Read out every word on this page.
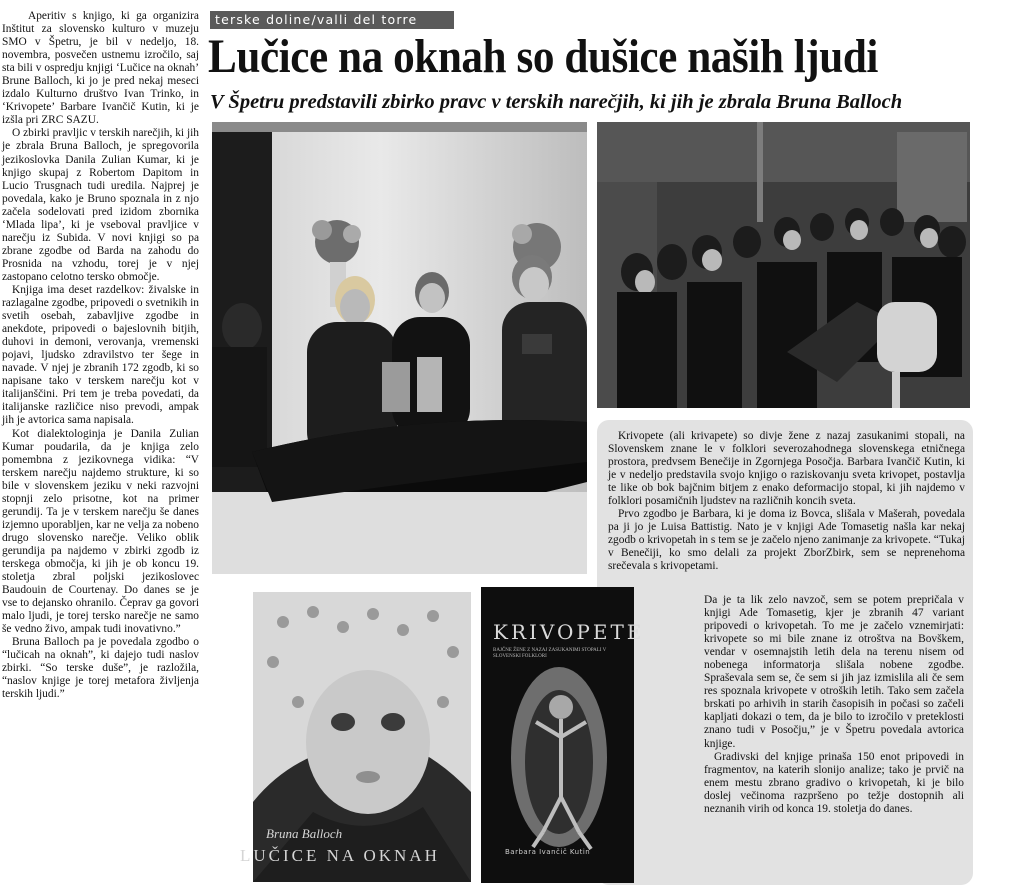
Aperitiv s knjigo, ki ga organizira Inštitut za slovensko kulturo v muzeju SMO v Špetru, je bil v nedeljo, 18. novembra, posvečen ustnemu izročilo, saj sta bili v ospredju knjigi ‘Lučice na oknah’ Brune Balloch, ki jo je pred nekaj meseci izdalo Kulturno društvo Ivan Trinko, in ‘Krivopete’ Barbare Ivančič Kutin, ki je izšla pri ZRC SAZU.

O zbirki pravljic v terskih narečjih, ki jih je zbrala Bruna Balloch, je spregovorila jezikoslovka Danila Zulian Kumar, ki je knjigo skupaj z Robertom Dapitom in Luciо Trusgnach tudi uredila. Najprej je povedala, kako je Bruno spoznala in z njo začela sodelovati pred izidom zbornika ‘Mlada lipa’, ki je vseboval pravljice v narečju iz Subida. V novi knjigi so pa zbrane zgodbe od Barda na zahodu do Prosnida na vzhodu, torej je v njej zastopano celotno tersko območje.

Knjiga ima deset razdelkov: živalske in razlagalne zgodbe, pripovedi o svetnikih in svetih osebah, zabavljive zgodbe in anekdote, pripovedi o bajeslovnih bitjih, duhovi in demoni, verovanja, vremenski pojavi, ljudsko zdravilstvo ter šege in navade. V njej je zbranih 172 zgodb, ki so napisane tako v terskem narečju kot v italijanščini. Pri tem je treba povedati, da italijanske različice niso prevodi, ampak jih je avtorica sama napisala.

Kot dialektologinja je Danila Zulian Kumar poudarila, da je knjiga zelo pomembna z jezikovnega vidika: “V terskem narečju najdemo strukture, ki so bile v slovenskem jeziku v neki razvojni stopnji zelo prisotne, kot na primer gerundij. Ta je v terskem narečju še danes izjemno uporabljen, kar ne velja za nobeno drugo slovensko narečje. Veliko oblik gerundija pa najdemo v zbirki zgodb iz terskega območja, ki jih je ob koncu 19. stoletja zbral poljski jezikoslovec Baudouin de Courtenay. Do danes se je vse to dejansko ohranilo. Čeprav ga govori malo ljudi, je torej tersko narečje ne samo še vedno živo, ampak tudi inovativno.”

Bruna Balloch pa je povedala zgodbo o “lučicah na oknah”, ki daјеjo tudi naslov zbirki. “So terske duše”, je razložila, “naslov knjige je torej metafora življenja terskih ljudi.”

terske doline/valli del torre
Lučice na oknah so dušice naših ljudi
V Špetru predstavili zbirko pravc v terskih narečjih, ki jih je zbrala Bruna Balloch

Krivopete (ali krivapete) so divje žene z nazaj zasukanimi stopali, na Slovenskem znane le v folklori severozahodnega slovenskega etničnega prostora, predvsem Benečije in Zgornjega Posočja. Barbara Ivančič Kutin, ki je v nedeljo predstavila svojo knjigo o raziskovanju sveta krivopet, postavlja te like ob bok bajčnim bitjem z enako deformacijo stopal, ki jih najdemo v folklori posamičnih ljudstev na različnih koncih sveta.

Prvo zgodbo je Barbara, ki je doma iz Bovca, slišala v Mašerah, povedala pa ji jo je Luisa Battistig. Nato je v knjigi Ade Tomasetig našla kar nekaj zgodb o krivopetah in s tem se je začelo njeno zanimanje za krivopete. “Tukaj v Benečiji, ko smo delali za projekt ZborZbirk, sem se neprenehoma srečevala s krivopetami.

Da je ta lik zelo navzoč, sem se potem prepričala v knjigi Ade Tomasetig, kjer je zbranih 47 variant pripovedi o krivopetah. To me je začelo vznemirjati: krivopete so mi bile znane iz otroštva na Bovškem, vendar v osemnajstih letih dela na terenu nisem od nobenega informatorja slišala nobene zgodbe. Spraševala sem se, če sem si jih jaz izmislila ali če sem res spoznala krivopete v otroških letih. Tako sem začela brskati po arhivih in starih časopisih in počasi so začeli kapljati dokazi o tem, da je bilo to izročilo v preteklosti znano tudi v Posočju,” je v Špetru povedala avtorica knjige.

Gradivski del knjige prinaša 150 enot pripovedi in fragmentov, na katerih slonijo analize; tako je prvič na enem mestu zbrano gradivo o krivopetah, ki je bilo doslej večinoma razpršeno po težje dostopnih ali neznanih virih od konca 19. stoletja do danes.

Bruna Balloch
LUČICE NA OKNAH
KRIVOPETE
BAJČNE ŽENE Z NAZAJ ZASUKANIMI STOPALI V SLOVENSKI FOLKLORI
Barbara Ivančič Kutin
